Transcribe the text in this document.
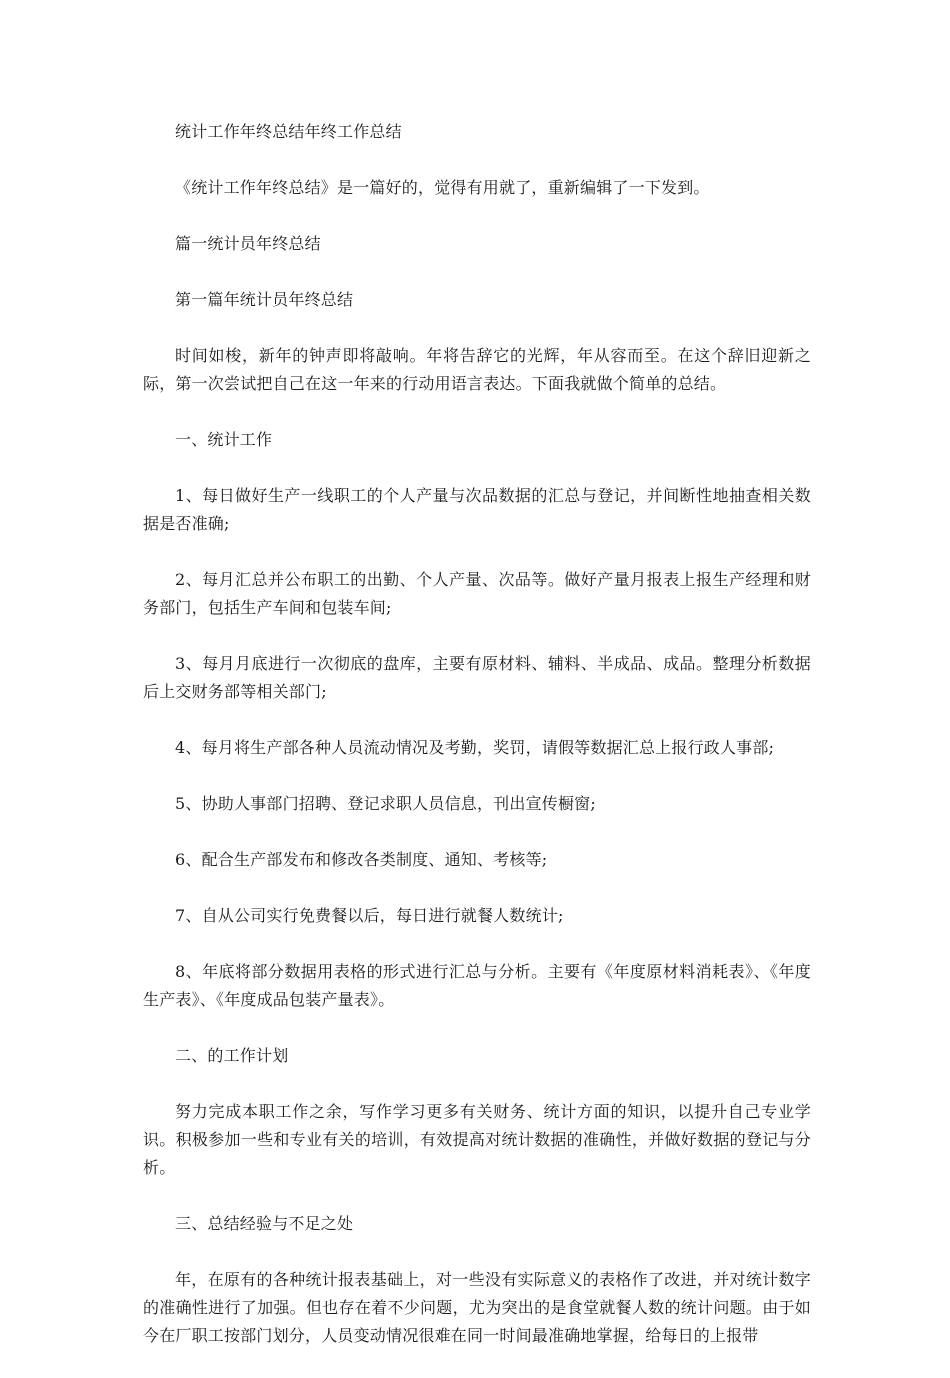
统计工作年终总结年终工作总结

《统计工作年终总结》是一篇好的，觉得有用就了，重新编辑了一下发到。

篇一统计员年终总结

第一篇年统计员年终总结

时间如梭，新年的钟声即将敲响。年将告辞它的光辉，年从容而至。在这个辞旧迎新之际，第一次尝试把自己在这一年来的行动用语言表达。下面我就做个简单的总结。

一、统计工作

1、每日做好生产一线职工的个人产量与次品数据的汇总与登记，并间断性地抽查相关数据是否准确;

2、每月汇总并公布职工的出勤、个人产量、次品等。做好产量月报表上报生产经理和财务部门，包括生产车间和包装车间;

3、每月月底进行一次彻底的盘库，主要有原材料、辅料、半成品、成品。整理分析数据后上交财务部等相关部门;

4、每月将生产部各种人员流动情况及考勤，奖罚，请假等数据汇总上报行政人事部;

5、协助人事部门招聘、登记求职人员信息，刊出宣传橱窗;

6、配合生产部发布和修改各类制度、通知、考核等;

7、自从公司实行免费餐以后，每日进行就餐人数统计;

8、年底将部分数据用表格的形式进行汇总与分析。主要有《年度原材料消耗表》、《年度生产表》、《年度成品包装产量表》。

二、的工作计划

努力完成本职工作之余，写作学习更多有关财务、统计方面的知识，以提升自己专业学识。积极参加一些和专业有关的培训，有效提高对统计数据的准确性，并做好数据的登记与分析。

三、总结经验与不足之处

年，在原有的各种统计报表基础上，对一些没有实际意义的表格作了改进，并对统计数字的准确性进行了加强。但也存在着不少问题，尤为突出的是食堂就餐人数的统计问题。由于如今在厂职工按部门划分，人员变动情况很难在同一时间最准确地掌握，给每日的上报带
